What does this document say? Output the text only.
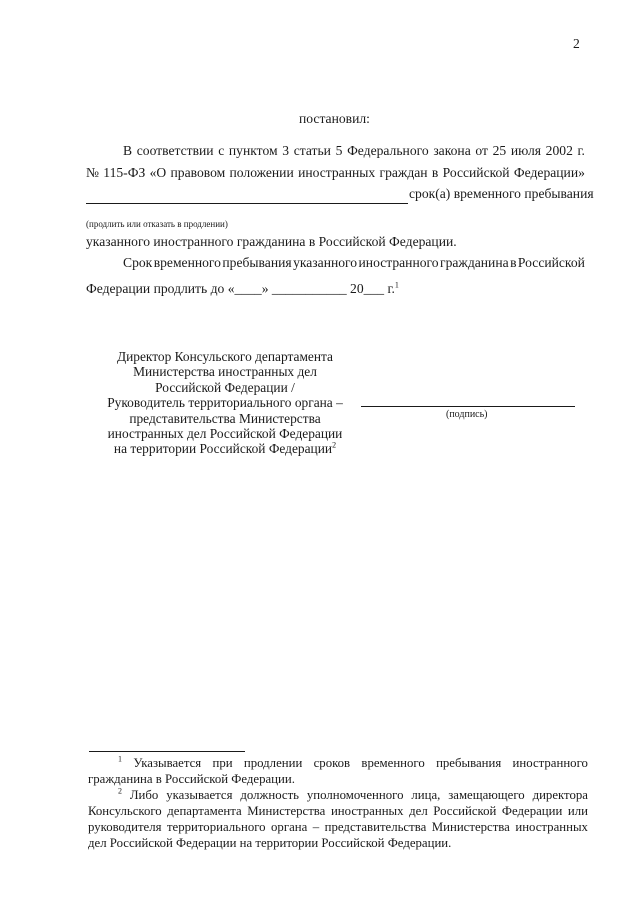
2
постановил:
В соответствии с пунктом 3 статьи 5 Федерального закона от 25 июля 2002 г.
№ 115-ФЗ «О правовом положении иностранных граждан в Российской Федерации»
срок(а) временного пребывания
(продлить или отказать в продлении)
указанного иностранного гражданина в Российской Федерации.
Срок временного пребывания указанного иностранного гражданина в Российской
Федерации продлить до «____» ___________ 20___ г.$^1$
Директор Консульского департамента
Министерства иностранных дел
Российской Федерации /
Руководитель территориального органа –
представительства Министерства
иностранных дел Российской Федерации
на территории Российской Федерации$^2$
(подпись)
$^1$ Указывается при продлении сроков временного пребывания иностранного
гражданина в Российской Федерации.
$^2$ Либо указывается должность уполномоченного лица, замещающего директора
Консульского департамента Министерства иностранных дел Российской Федерации или
руководителя территориального органа – представительства Министерства иностранных
дел Российской Федерации на территории Российской Федерации.
